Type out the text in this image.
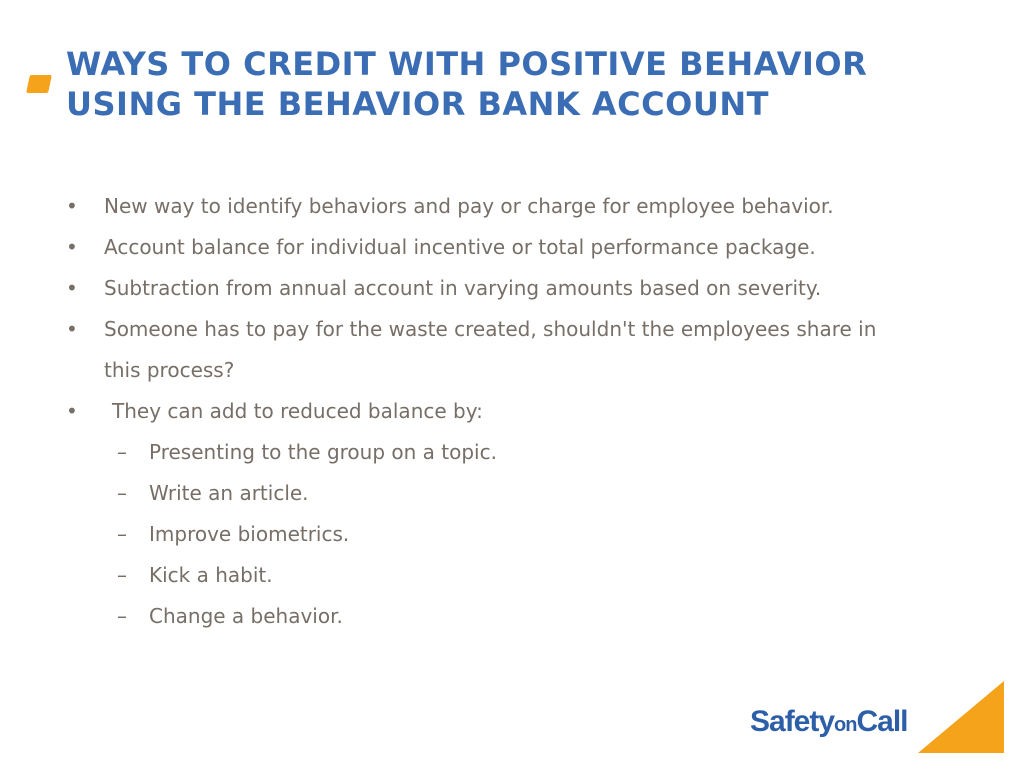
WAYS TO CREDIT WITH POSITIVE BEHAVIOR
USING THE BEHAVIOR BANK ACCOUNT
• New way to identify behaviors and pay or charge for employee behavior.
• Account balance for individual incentive or total performance package.
• Subtraction from annual account in varying amounts based on severity.
• Someone has to pay for the waste created, shouldn't the employees share in
this process?
• They can add to reduced balance by:
– Presenting to the group on a topic.
– Write an article.
– Improve biometrics.
– Kick a habit.
– Change a behavior.
SafetyonCall
